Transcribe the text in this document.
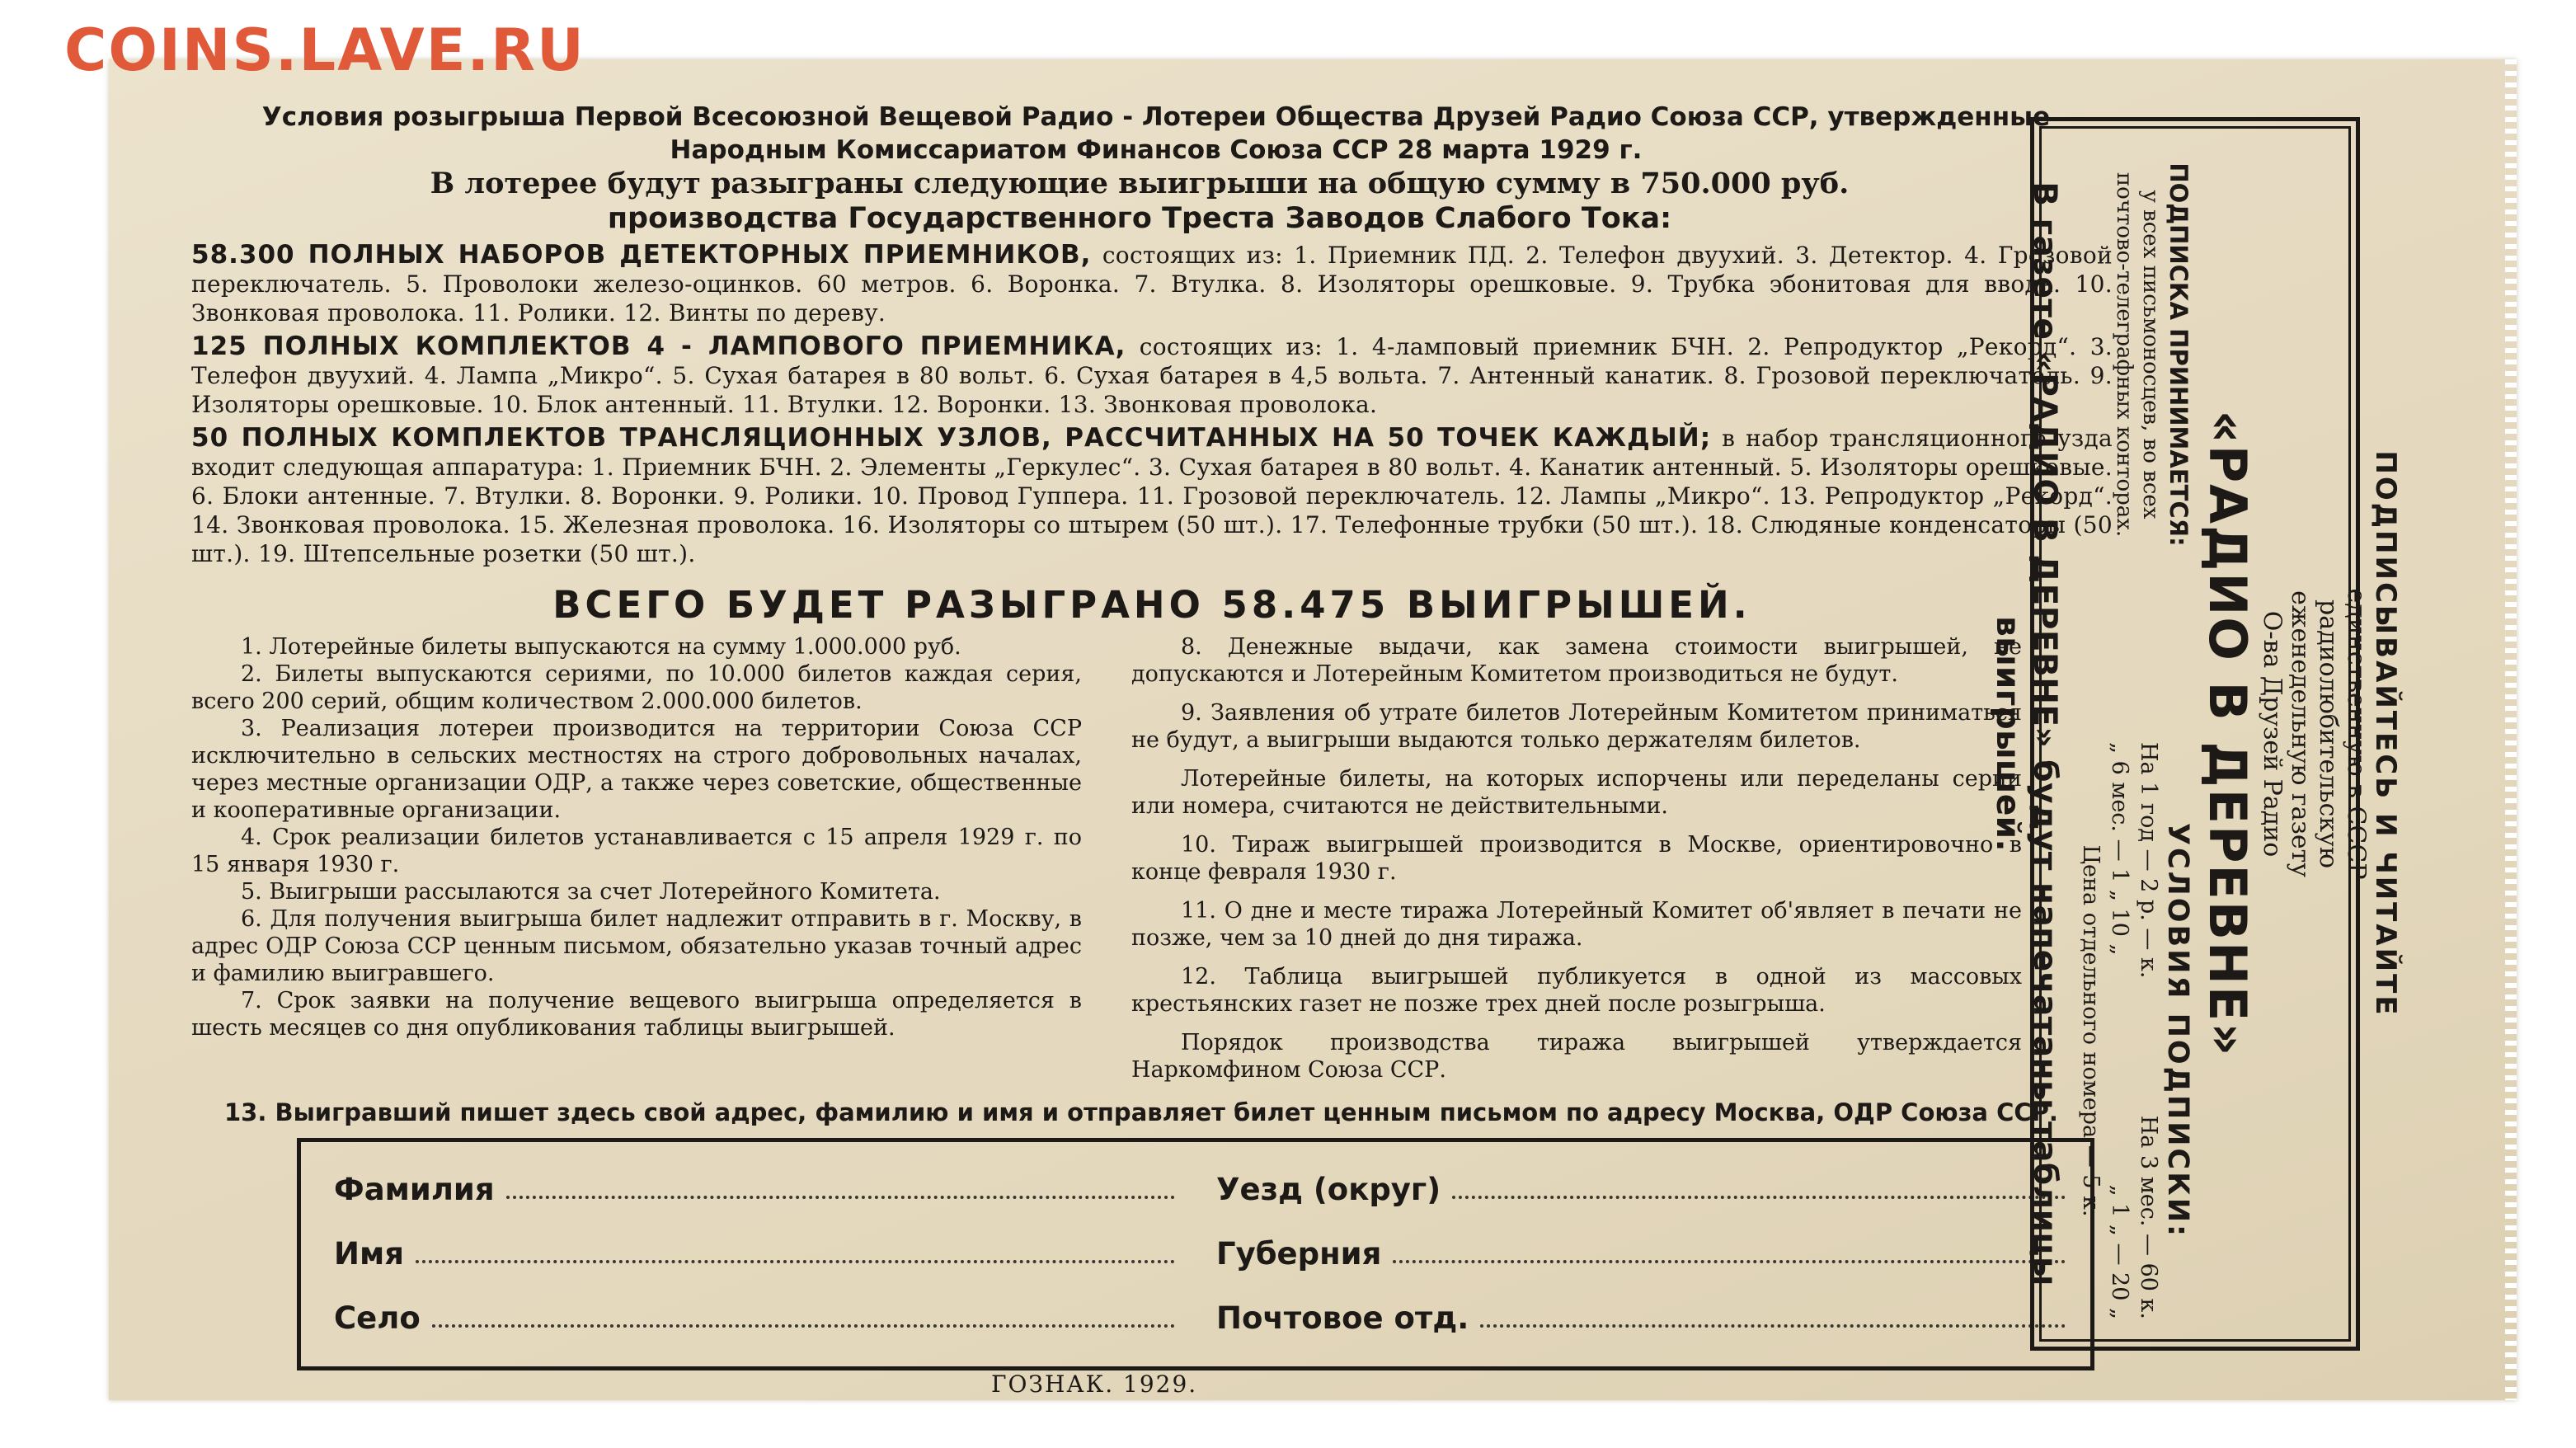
COINS.LAVE.RU
Условия розыгрыша Первой Всесоюзной Вещевой Радио - Лотереи Общества Друзей Радио Союза ССР, утвержденные
Народным Комиссариатом Финансов Союза ССР 28 марта 1929 г.
В лотерее будут разыграны следующие выигрыши на общую сумму в 750.000 руб.
производства Государственного Треста Заводов Слабого Тока:
58.300 ПОЛНЫХ НАБОРОВ ДЕТЕКТОРНЫХ ПРИЕМНИКОВ, состоящих из: 1. Приемник ПД. 2. Телефон двуухий. 3. Детектор. 4. Грозовой переключатель. 5. Проволоки железо-оцинков. 60 метров. 6. Воронка. 7. Втулка. 8. Изоляторы орешковые. 9. Трубка эбонитовая для ввода. 10. Звонковая проволока. 11. Ролики. 12. Винты по дереву.
125 ПОЛНЫХ КОМПЛЕКТОВ 4 - ЛАМПОВОГО ПРИЕМНИКА, состоящих из: 1. 4-ламповый приемник БЧН. 2. Репродуктор „Рекорд“. 3. Телефон двуухий. 4. Лампа „Микро“. 5. Сухая батарея в 80 вольт. 6. Сухая батарея в 4,5 вольта. 7. Антенный канатик. 8. Грозовой переключатель. 9. Изоляторы орешковые. 10. Блок антенный. 11. Втулки. 12. Воронки. 13. Звонковая проволока.
50 ПОЛНЫХ КОМПЛЕКТОВ ТРАНСЛЯЦИОННЫХ УЗЛОВ, РАССЧИТАННЫХ НА 50 ТОЧЕК КАЖДЫЙ; в набор трансляционного узда входит следующая аппаратура: 1. Приемник БЧН. 2. Элементы „Геркулес“. 3. Сухая батарея в 80 вольт. 4. Канатик антенный. 5. Изоляторы орешковые. 6. Блоки антенные. 7. Втулки. 8. Воронки. 9. Ролики. 10. Провод Гуппера. 11. Грозовой переключатель. 12. Лампы „Микро“. 13. Репродуктор „Рекорд“. 14. Звонковая проволока. 15. Железная проволока. 16. Изоляторы со штырем (50 шт.). 17. Телефонные трубки (50 шт.). 18. Слюдяные конденсаторы (50 шт.). 19. Штепсельные розетки (50 шт.).
ВСЕГО БУДЕТ РАЗЫГРАНО 58.475 ВЫИГРЫШЕЙ.

1. Лотерейные билеты выпускаются на сумму 1.000.000 руб.

2. Билеты выпускаются сериями, по 10.000 билетов каждая серия, всего 200 серий, общим количеством 2.000.000 билетов.

3. Реализация лотереи производится на территории Союза ССР исключительно в сельских местностях на строго добровольных началах, через местные организации ОДР, а также через советские, общественные и кооперативные организации.

4. Срок реализации билетов устанавливается с 15 апреля 1929 г. по 15 января 1930 г.

5. Выигрыши рассылаются за счет Лотерейного Комитета.

6. Для получения выигрыша билет надлежит отправить в г. Москву, в адрес ОДР Союза ССР ценным письмом, обязательно указав точный адрес и фамилию выигравшего.

7. Срок заявки на получение вещевого выигрыша определяется в шесть месяцев со дня опубликования таблицы выигрышей.

8. Денежные выдачи, как замена стоимости выигрышей, не допускаются и Лотерейным Комитетом производиться не будут.

9. Заявления об утрате билетов Лотерейным Комитетом приниматься не будут, а выигрыши выдаются только держателям билетов.

Лотерейные билеты, на которых испорчены или переделаны серии или номера, считаются не действительными.

10. Тираж выигрышей производится в Москве, ориентировочно в конце февраля 1930 г.

11. О дне и месте тиража Лотерейный Комитет об'являет в печати не позже, чем за 10 дней до дня тиража.

12. Таблица выигрышей публикуется в одной из массовых крестьянских газет не позже трех дней после розыгрыша.

Порядок производства тиража выигрышей утверждается Наркомфином Союза ССР.

13. Выигравший пишет здесь свой адрес, фамилию и имя и отправляет билет ценным письмом по адресу Москва, ОДР Союза ССР.
Фамилия
Имя
Село
Уезд (округ)
Губерния
Почтовое отд.
ГОЗНАК. 1929.
ПОДПИСЫВАЙТЕСЬ И ЧИТАЙТЕ
единственную в СССР
радиолюбительскую
еженедельную газету
О-ва Друзей Радио
«РАДИО В ДЕРЕВНЕ»
ПОДПИСКА ПРИНИМАЕТСЯ:
у всех письмоносцев, во всех почтово-телеграфных конторах.
УСЛОВИЯ ПОДПИСКИ:
На 1 год — 2 р. — к.
На 3 мес. — 60 к.
„ 6 мес. — 1 „ 10 „
„ 1 „ — 20 „
Цена отдельного номера — 5 к.
В газете «РАДИО В ДЕРЕВНЕ» будут напечатаны таблицы выигрышей.
